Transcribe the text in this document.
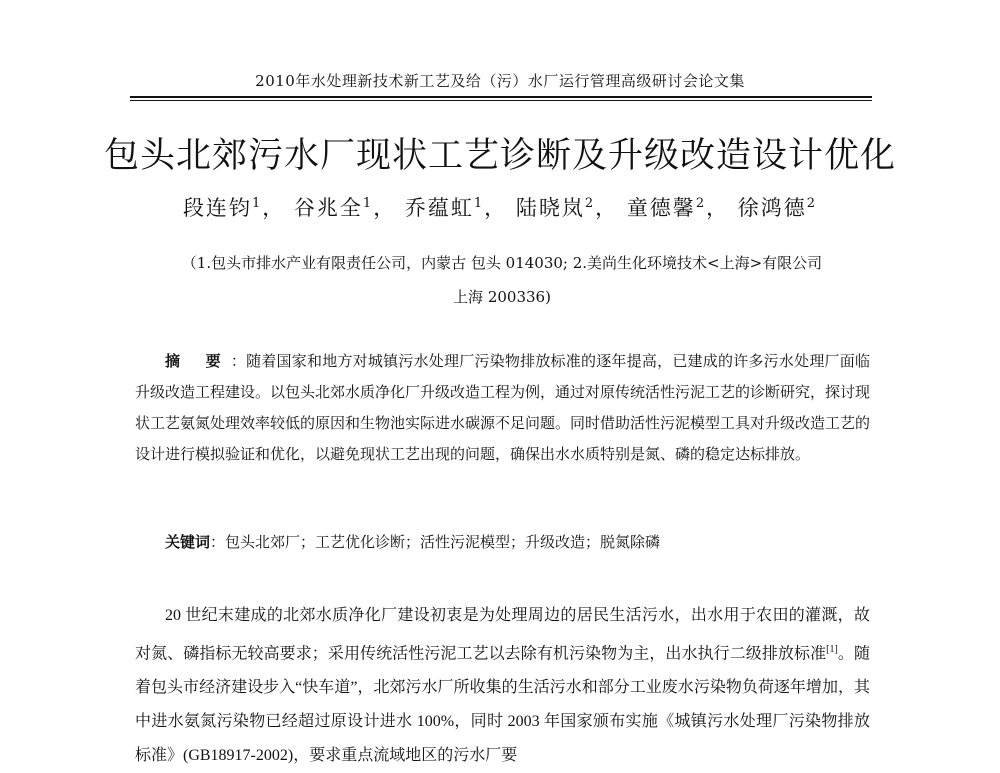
2010年水处理新技术新工艺及给（污）水厂运行管理高级研讨会论文集
包头北郊污水厂现状工艺诊断及升级改造设计优化
段连钧$^1$， 谷兆全$^1$， 乔蕴虹$^1$， 陆晓岚$^2$， 童德馨$^2$， 徐鸿德$^2$
（1.包头市排水产业有限责任公司，内蒙古 包头 014030; 2.美尚生化环境技术<上海>有限公司
上海 200336)
摘 要：随着国家和地方对城镇污水处理厂污染物排放标准的逐年提高，已建成的许多污水处理厂面临升级改造工程建设。以包头北郊水质净化厂升级改造工程为例，通过对原传统活性污泥工艺的诊断研究，探讨现状工艺氨氮处理效率较低的原因和生物池实际进水碳源不足问题。同时借助活性污泥模型工具对升级改造工艺的设计进行模拟验证和优化，以避免现状工艺出现的问题，确保出水水质特别是氮、磷的稳定达标排放。
关键词：包头北郊厂；工艺优化诊断；活性污泥模型；升级改造；脱氮除磷
20 世纪末建成的北郊水质净化厂建设初衷是为处理周边的居民生活污水，出水用于农田的灌溉，故对氮、磷指标无较高要求；采用传统活性污泥工艺以去除有机污染物为主，出水执行二级排放标准[1]。随着包头市经济建设步入“快车道”，北郊污水厂所收集的生活污水和部分工业废水污染物负荷逐年增加，其中进水氨氮污染物已经超过原设计进水 100%，同时 2003 年国家颁布实施《城镇污水处理厂污染物排放标准》(GB18917-2002)，要求重点流域地区的污水厂要
